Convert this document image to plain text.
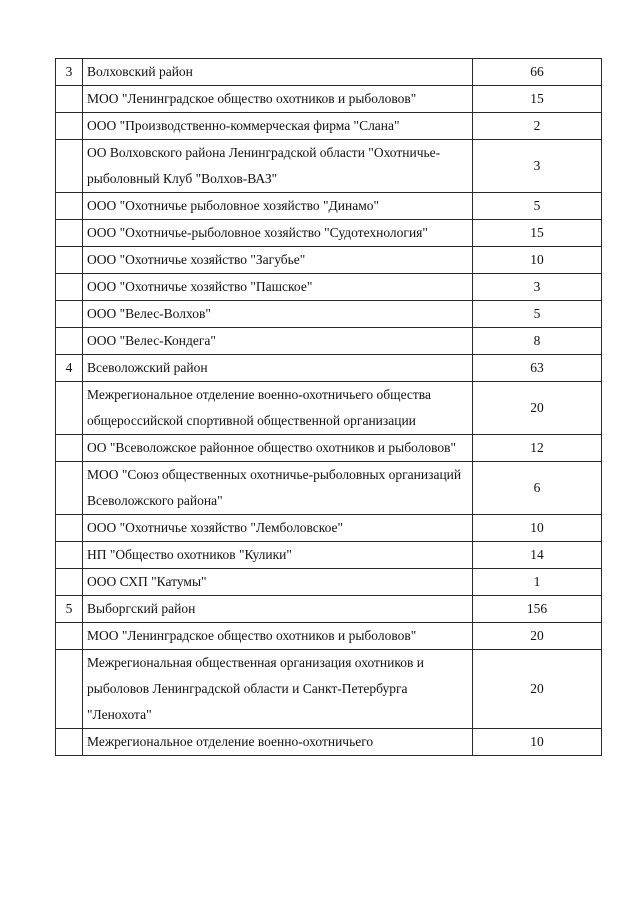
3	Волховский район	66
	МОО "Ленинградское общество охотников и рыболовов"	15
	ООО "Производственно-коммерческая фирма "Слана"	2
	ОО Волховского района Ленинградской области "Охотничье-рыболовный Клуб "Волхов-ВАЗ"	3
	ООО "Охотничье рыболовное хозяйство "Динамо"	5
	ООО "Охотничье-рыболовное хозяйство "Судотехнология"	15
	ООО "Охотничье хозяйство "Загубье"	10
	ООО "Охотничье хозяйство "Пашское"	3
	ООО "Велес-Волхов"	5
	ООО "Велес-Кондега"	8
4	Всеволожский район	63
	Межрегиональное отделение военно-охотничьего общества общероссийской спортивной общественной организации	20
	ОО "Всеволожское районное общество охотников и рыболовов"	12
	МОО "Союз общественных охотничье-рыболовных организаций Всеволожского района"	6
	ООО "Охотничье хозяйство "Лемболовское"	10
	НП "Общество охотников "Кулики"	14
	ООО СХП "Катумы"	1
5	Выборгский район	156
	МОО "Ленинградское общество охотников и рыболовов"	20
	Межрегиональная общественная организация охотников и рыболовов Ленинградской области и Санкт-Петербурга "Ленохота"	20
	Межрегиональное отделение военно-охотничьего	10
